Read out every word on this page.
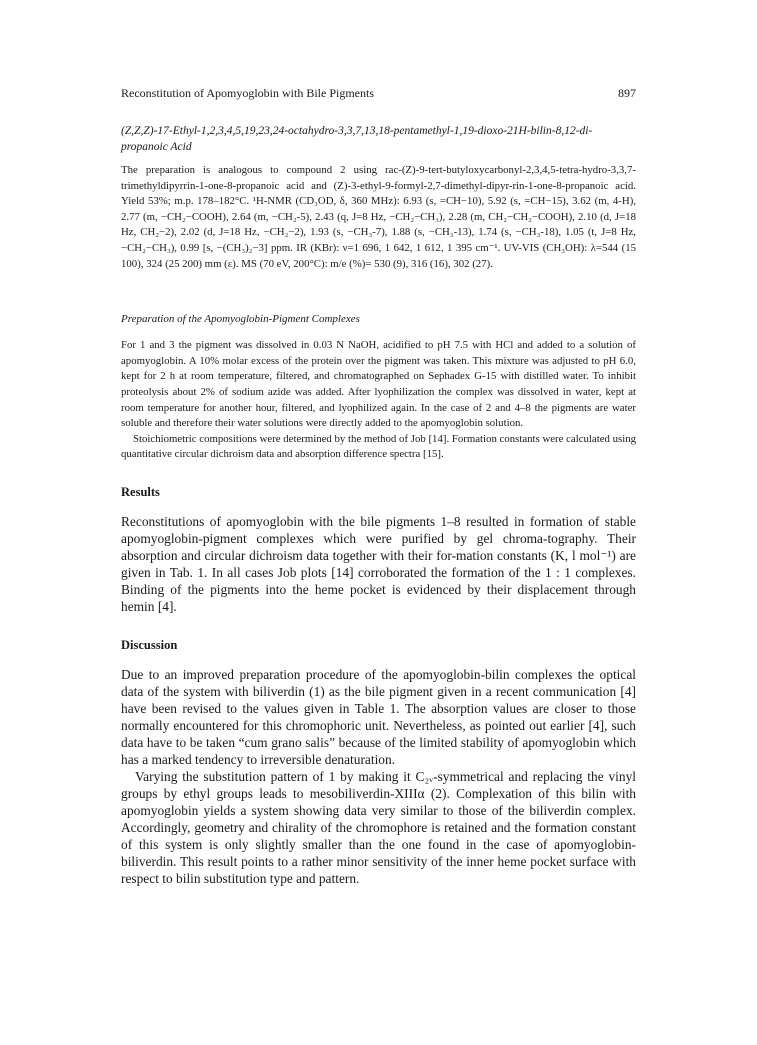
Reconstitution of Apomyoglobin with Bile Pigments	897
(Z,Z,Z)-17-Ethyl-1,2,3,4,5,19,23,24-octahydro-3,3,7,13,18-pentamethyl-1,19-dioxo-21H-bilin-8,12-di-propanoic Acid

The preparation is analogous to compound 2 using rac-(Z)-9-tert-butyloxycarbonyl-2,3,4,5-tetra-hydro-3,3,7-trimethyldipyrrin-1-one-8-propanoic acid and (Z)-3-ethyl-9-formyl-2,7-dimethyl-dipyr-rin-1-one-8-propanoic acid. Yield 53%; m.p. 178–182°C. ¹H-NMR (CD₃OD, δ, 360 MHz): 6.93 (s, =CH−10), 5.92 (s, =CH−15), 3.62 (m, 4-H), 2.77 (m, −CH₂−COOH), 2.64 (m, −CH₂-5), 2.43 (q, J=8 Hz, −CH₂−CH₃), 2.28 (m, CH₂−CH₂−COOH), 2.10 (d, J=18 Hz, CH₂−2), 2.02 (d, J=18 Hz, −CH₂−2), 1.93 (s, −CH₃-7), 1.88 (s, −CH₃-13), 1.74 (s, −CH₃-18), 1.05 (t, J=8 Hz, −CH₂−CH₃), 0.99 [s, −(CH₃)₂−3] ppm. IR (KBr): ν=1 696, 1 642, 1 612, 1 395 cm⁻¹. UV-VIS (CH₃OH): λ=544 (15 100), 324 (25 200) mm (ε). MS (70 eV, 200°C): m/e (%)= 530 (9), 316 (16), 302 (27).

Preparation of the Apomyoglobin-Pigment Complexes

For 1 and 3 the pigment was dissolved in 0.03 N NaOH, acidified to pH 7.5 with HCl and added to a solution of apomyoglobin. A 10% molar excess of the protein over the pigment was taken. This mixture was adjusted to pH 6.0, kept for 2 h at room temperature, filtered, and chromatographed on Sephadex G-15 with distilled water. To inhibit proteolysis about 2% of sodium azide was added. After lyophilization the complex was dissolved in water, kept at room temperature for another hour, filtered, and lyophilized again. In the case of 2 and 4–8 the pigments are water soluble and therefore their water solutions were directly added to the apomyoglobin solution.

Stoichiometric compositions were determined by the method of Job [14]. Formation constants were calculated using quantitative circular dichroism data and absorption difference spectra [15].

Results

Reconstitutions of apomyoglobin with the bile pigments 1–8 resulted in formation of stable apomyoglobin-pigment complexes which were purified by gel chroma-tography. Their absorption and circular dichroism data together with their for-mation constants (K, l mol⁻¹) are given in Tab. 1. In all cases Job plots [14] corroborated the formation of the 1 : 1 complexes. Binding of the pigments into the heme pocket is evidenced by their displacement through hemin [4].

Discussion

Due to an improved preparation procedure of the apomyoglobin-bilin complexes the optical data of the system with biliverdin (1) as the bile pigment given in a recent communication [4] have been revised to the values given in Table 1. The absorption values are closer to those normally encountered for this chromophoric unit. Nevertheless, as pointed out earlier [4], such data have to be taken “cum grano salis” because of the limited stability of apomyoglobin which has a marked tendency to irreversible denaturation.

Varying the substitution pattern of 1 by making it C₂ᵥ-symmetrical and replacing the vinyl groups by ethyl groups leads to mesobiliverdin-XIIIα (2). Complexation of this bilin with apomyoglobin yields a system showing data very similar to those of the biliverdin complex. Accordingly, geometry and chirality of the chromophore is retained and the formation constant of this system is only slightly smaller than the one found in the case of apomyoglobin-biliverdin. This result points to a rather minor sensitivity of the inner heme pocket surface with respect to bilin substitution type and pattern.
